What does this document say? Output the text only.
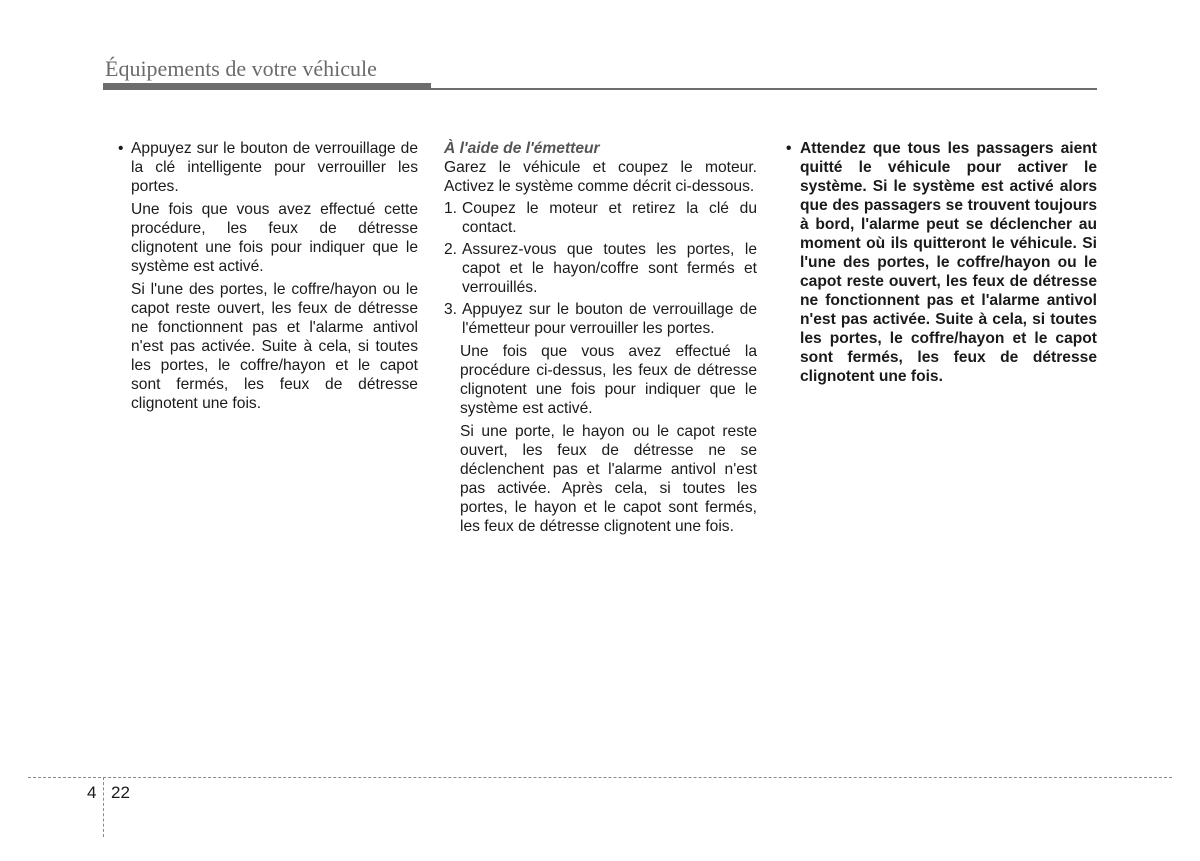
Équipements de votre véhicule

• Appuyez sur le bouton de verrouillage de la clé intelligente pour verrouiller les portes.

Une fois que vous avez effectué cette procédure, les feux de détresse clignotent une fois pour indiquer que le système est activé.

Si l'une des portes, le coffre/hayon ou le capot reste ouvert, les feux de détresse ne fonctionnent pas et l'alarme antivol n'est pas activée. Suite à cela, si toutes les portes, le coffre/hayon et le capot sont fermés, les feux de détresse clignotent une fois.

À l'aide de l'émetteur

Garez le véhicule et coupez le moteur. Activez le système comme décrit ci-dessous.

1. Coupez le moteur et retirez la clé du contact.

2. Assurez-vous que toutes les portes, le capot et le hayon/coffre sont fermés et verrouillés.

3. Appuyez sur le bouton de verrouillage de l'émetteur pour verrouiller les portes.

Une fois que vous avez effectué la procédure ci-dessus, les feux de détresse clignotent une fois pour indiquer que le système est activé.

Si une porte, le hayon ou le capot reste ouvert, les feux de détresse ne se déclenchent pas et l'alarme antivol n'est pas activée. Après cela, si toutes les portes, le hayon et le capot sont fermés, les feux de détresse clignotent une fois.

• Attendez que tous les passagers aient quitté le véhicule pour activer le système. Si le système est activé alors que des passagers se trouvent toujours à bord, l'alarme peut se déclencher au moment où ils quitteront le véhicule. Si l'une des portes, le coffre/hayon ou le capot reste ouvert, les feux de détresse ne fonctionnent pas et l'alarme antivol n'est pas activée. Suite à cela, si toutes les portes, le coffre/hayon et le capot sont fermés, les feux de détresse clignotent une fois.

4 22
